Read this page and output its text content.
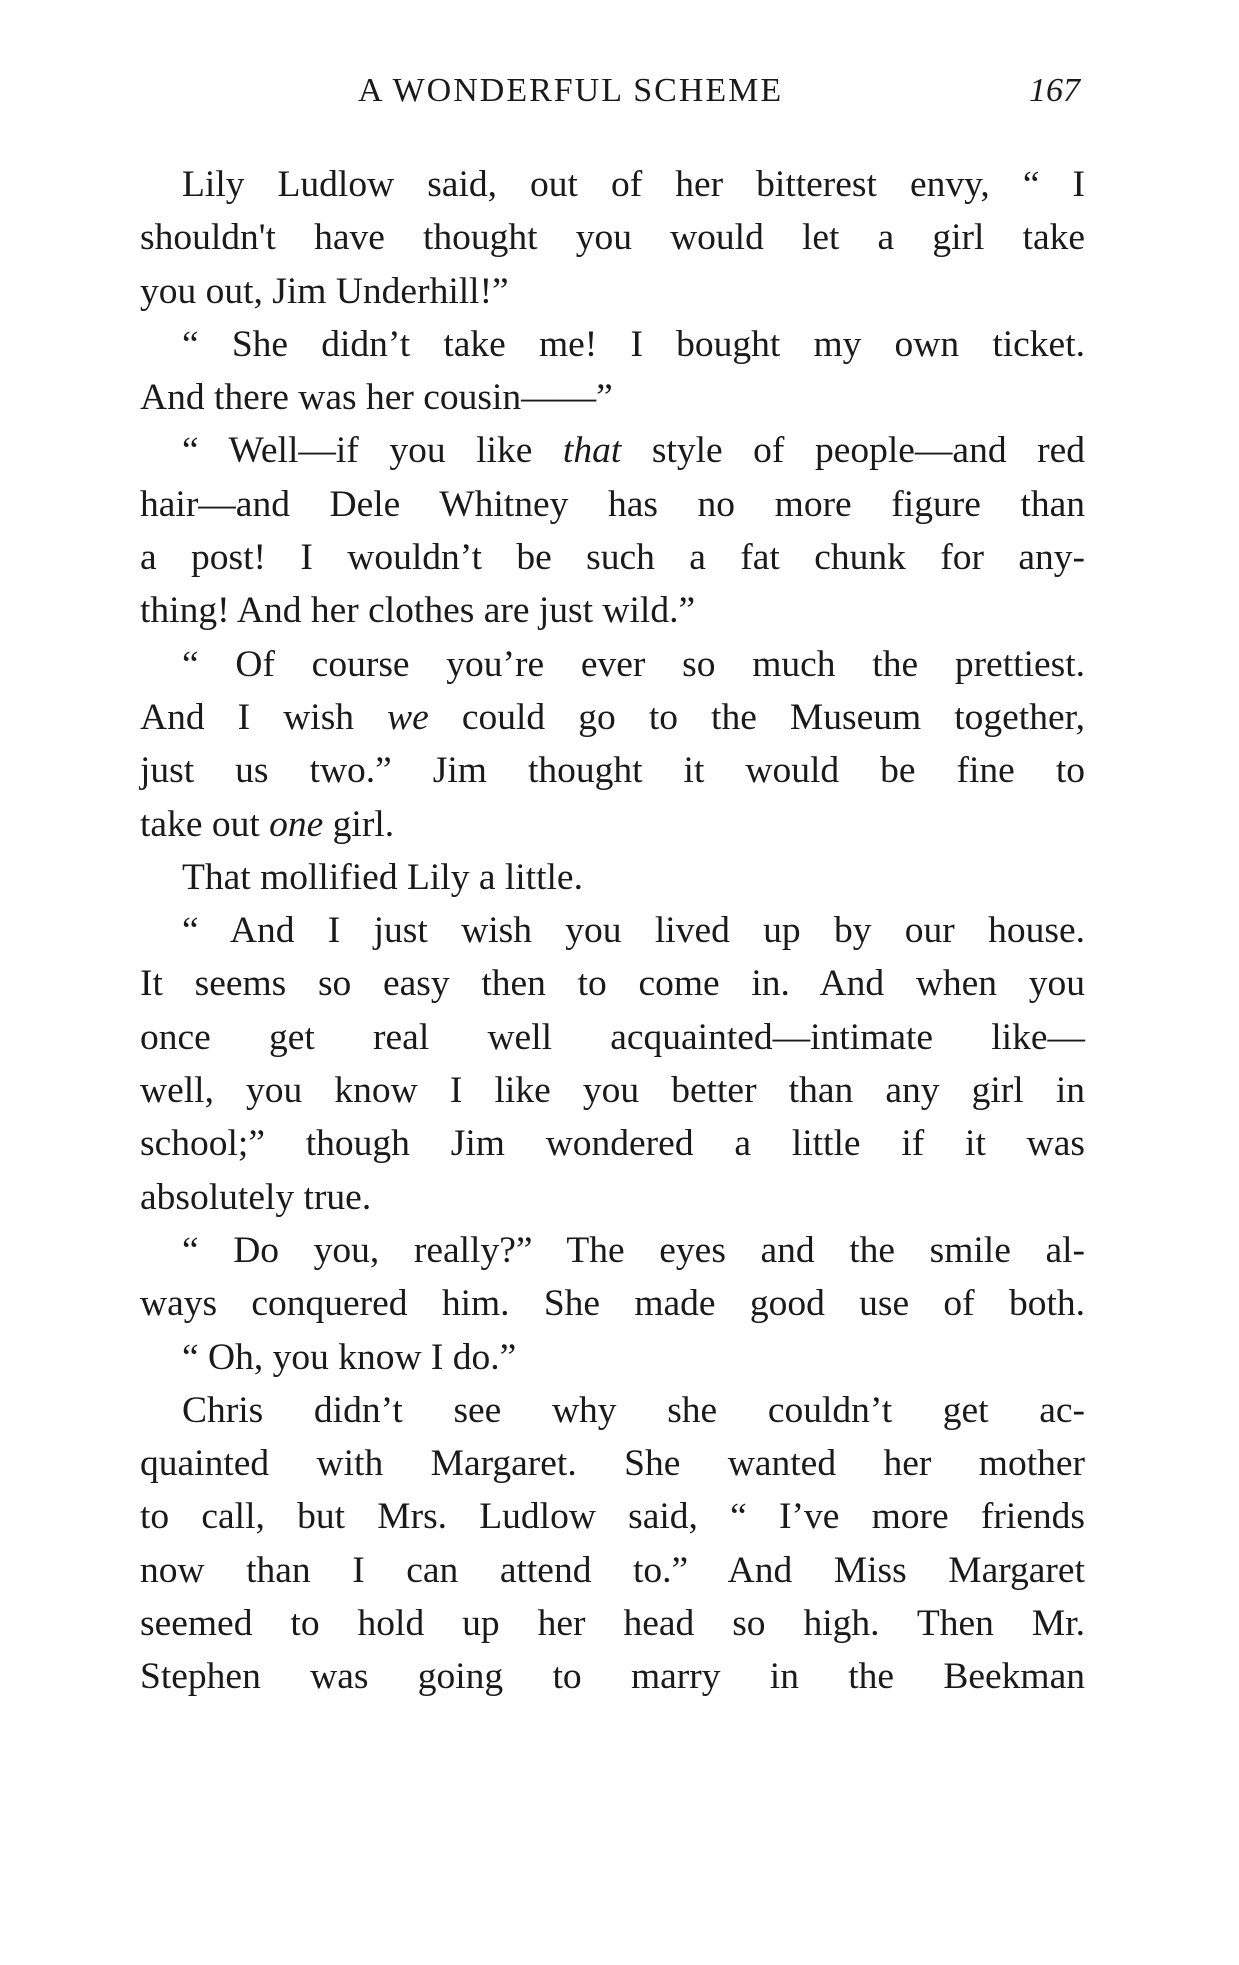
A WONDERFUL SCHEME	167
Lily Ludlow said, out of her bitterest envy, “ I
shouldn't have thought you would let a girl take
you out, Jim Underhill!”
“ She didn’t take me! I bought my own ticket.
And there was her cousin——”
“ Well—if you like that style of people—and red
hair—and Dele Whitney has no more figure than
a post! I wouldn’t be such a fat chunk for any-
thing! And her clothes are just wild.”
“ Of course you’re ever so much the prettiest.
And I wish we could go to the Museum together,
just us two.” Jim thought it would be fine to
take out one girl.
That mollified Lily a little.
“ And I just wish you lived up by our house.
It seems so easy then to come in. And when you
once get real well acquainted—intimate like—
well, you know I like you better than any girl in
school;” though Jim wondered a little if it was
absolutely true.
“ Do you, really?” The eyes and the smile al-
ways conquered him. She made good use of both.
“ Oh, you know I do.”
Chris didn’t see why she couldn’t get ac-
quainted with Margaret. She wanted her mother
to call, but Mrs. Ludlow said, “ I’ve more friends
now than I can attend to.” And Miss Margaret
seemed to hold up her head so high. Then Mr.
Stephen was going to marry in the Beekman
